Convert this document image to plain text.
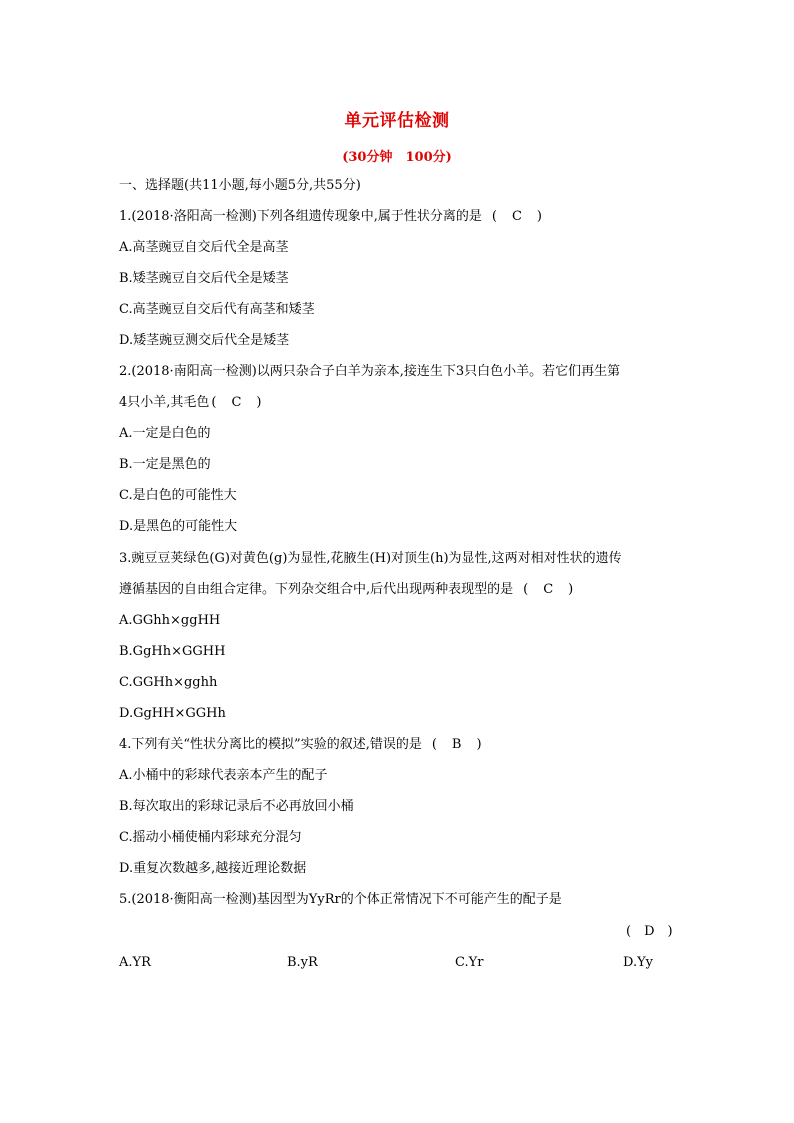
单元评估检测
(30分钟　100分)
一、选择题(共11小题,每小题5分,共55分)
1.(2018·洛阳高一检测)下列各组遗传现象中,属于性状分离的是 (　C　)
A.高茎豌豆自交后代全是高茎
B.矮茎豌豆自交后代全是矮茎
C.高茎豌豆自交后代有高茎和矮茎
D.矮茎豌豆测交后代全是矮茎
2.(2018·南阳高一检测)以两只杂合子白羊为亲本,接连生下3只白色小羊。若它们再生第
4只小羊,其毛色 (　C　)
A.一定是白色的
B.一定是黑色的
C.是白色的可能性大
D.是黑色的可能性大
3.豌豆豆荚绿色(G)对黄色(g)为显性,花腋生(H)对顶生(h)为显性,这两对相对性状的遗传
遵循基因的自由组合定律。下列杂交组合中,后代出现两种表现型的是 (　C　)
A.GGhh×ggHH
B.GgHh×GGHH
C.GGHh×gghh
D.GgHH×GGHh
4.下列有关“性状分离比的模拟”实验的叙述,错误的是 (　B　)
A.小桶中的彩球代表亲本产生的配子
B.每次取出的彩球记录后不必再放回小桶
C.摇动小桶使桶内彩球充分混匀
D.重复次数越多,越接近理论数据
5.(2018·衡阳高一检测)基因型为YyRr的个体正常情况下不可能产生的配子是
(　D　)
A.YR	B.yR	C.Yr	D.Yy
